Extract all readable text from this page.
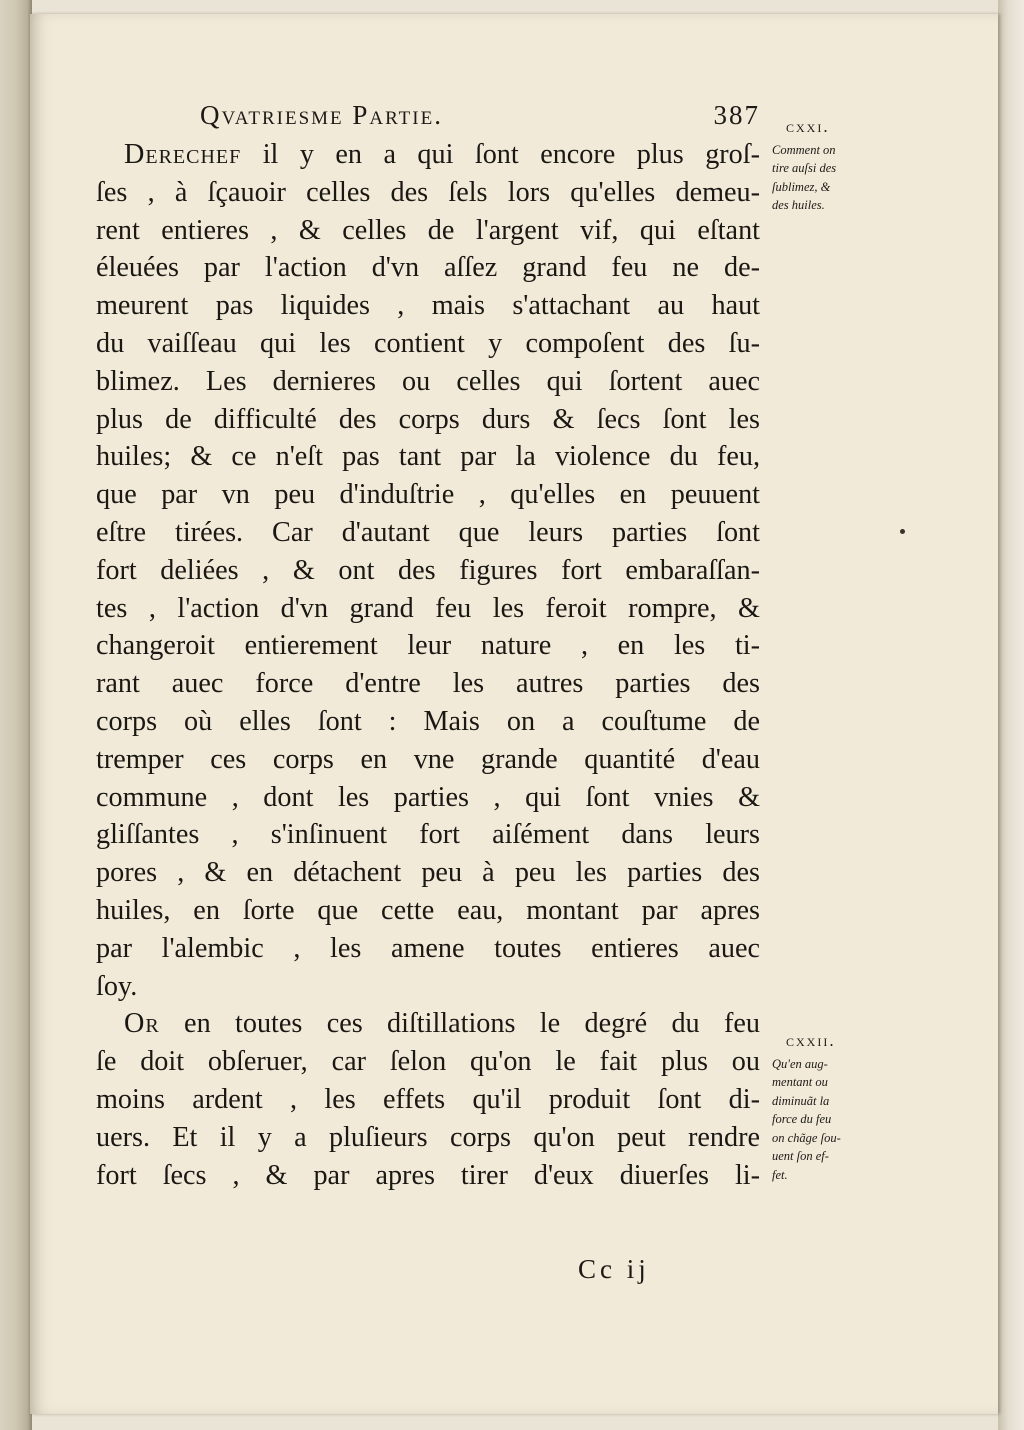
Qvatriesme Partie.	387
Derechef il y en a qui ſont encore plus groſ-
ſes , à ſçauoir celles des ſels lors qu'elles demeu-
rent entieres , & celles de l'argent vif, qui eſtant
éleuées par l'action d'vn aſſez grand feu ne de-
meurent pas liquides , mais s'attachant au haut
du vaiſſeau qui les contient y compoſent des ſu-
blimez. Les dernieres ou celles qui ſortent auec
plus de difficulté des corps durs & ſecs ſont les
huiles; & ce n'eſt pas tant par la violence du feu,
que par vn peu d'induſtrie , qu'elles en peuuent
eſtre tirées. Car d'autant que leurs parties ſont
fort deliées , & ont des figures fort embaraſſan-
tes , l'action d'vn grand feu les feroit rompre, &
changeroit entierement leur nature , en les ti-
rant auec force d'entre les autres parties des
corps où elles ſont : Mais on a couſtume de
tremper ces corps en vne grande quantité d'eau
commune , dont les parties , qui ſont vnies &
gliſſantes , s'inſinuent fort aiſément dans leurs
pores , & en détachent peu à peu les parties des
huiles, en ſorte que cette eau, montant par apres
par l'alembic , les amene toutes entieres auec
ſoy.
Or en toutes ces diſtillations le degré du feu
ſe doit obſeruer, car ſelon qu'on le fait plus ou
moins ardent , les effets qu'il produit ſont di-
uers. Et il y a pluſieurs corps qu'on peut rendre
fort ſecs , & par apres tirer d'eux diuerſes li-
cxxi.
Comment on
tire auſsi des
ſublimez, &
des huiles.
cxxii.
Qu'en aug-
mentant ou
diminuãt la
force du feu
on chãge ſou-
uent ſon ef-
fet.
Cc ij
